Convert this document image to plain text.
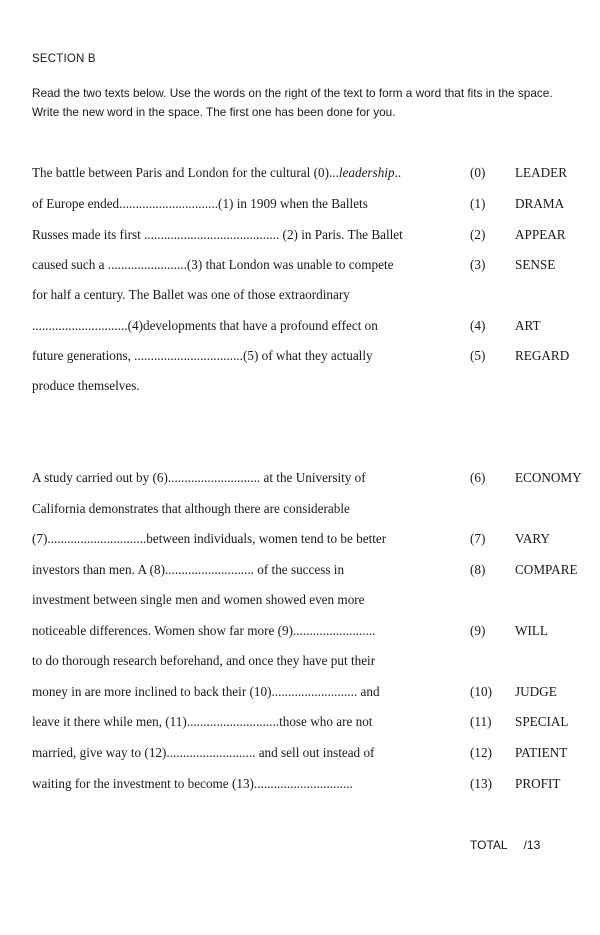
SECTION B
Read the two texts below. Use the words on the right of the text to form a word that fits in the space. Write the new word in the space. The first one has been done for you.
The battle between Paris and London for the cultural (0)...leadership..	(0) LEADER
of Europe ended..............................(1) in 1909 when the Ballets	(1) DRAMA
Russes made its first ......................................... (2) in Paris. The Ballet	(2) APPEAR
caused such a ........................(3) that London was unable to compete	(3) SENSE
for half a century. The Ballet was one of those extraordinary
.............................(4)developments that have a profound effect on	(4) ART
future generations, .................................(5) of what they actually	(5) REGARD
produce themselves.
A study carried out by (6)............................ at the University of	(6) ECONOMY
California demonstrates that although there are considerable
(7)..............................between individuals, women tend to be better	(7) VARY
investors than men. A (8)........................... of the success in	(8) COMPARE
investment between single men and women showed even more
noticeable differences. Women show far more (9).........................	(9) WILL
to do thorough research beforehand, and once they have put their
money in are more inclined to back their (10).......................... and	(10) JUDGE
leave it there while men, (11)............................those who are not	(11) SPECIAL
married, give way to (12)........................... and sell out instead of	(12) PATIENT
waiting for the investment to become (13)..............................	(13) PROFIT
TOTAL /13
